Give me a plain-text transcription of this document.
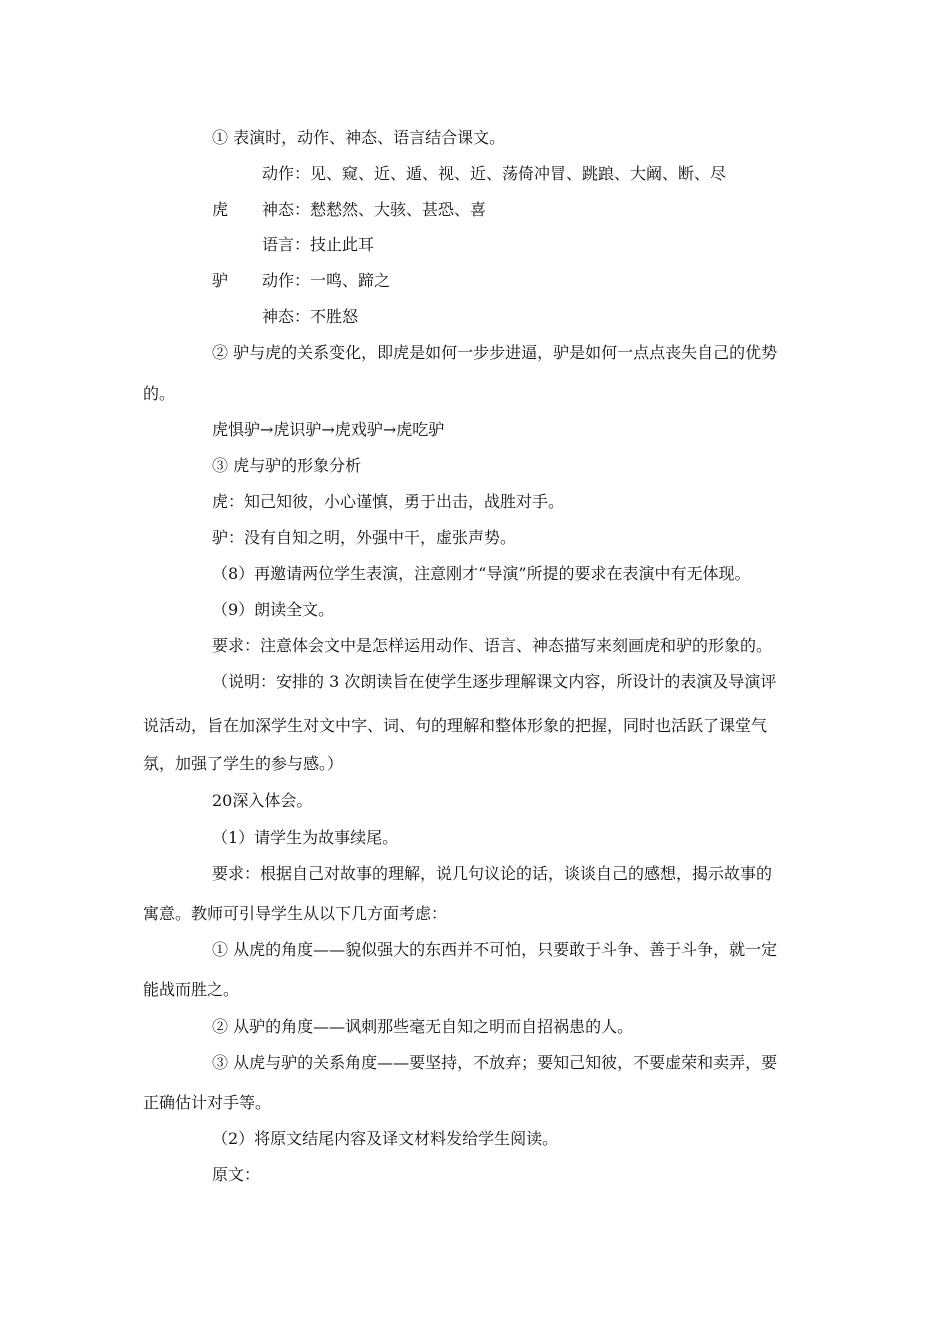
① 表演时，动作、神态、语言结合课文。
动作：见、窥、近、遁、视、近、荡倚冲冒、跳踉、大阚、断、尽
虎 神态：慭慭然、大骇、甚恐、喜
语言：技止此耳
驴 动作：一鸣、蹄之
神态：不胜怒
② 驴与虎的关系变化，即虎是如何一步步进逼，驴是如何一点点丧失自己的优势
的。
虎惧驴→虎识驴→虎戏驴→虎吃驴
③ 虎与驴的形象分析
虎：知己知彼，小心谨慎，勇于出击，战胜对手。
驴：没有自知之明，外强中干，虚张声势。
（8）再邀请两位学生表演，注意刚才“导演”所提的要求在表演中有无体现。
（9）朗读全文。
要求：注意体会文中是怎样运用动作、语言、神态描写来刻画虎和驴的形象的。
（说明：安排的 3 次朗读旨在使学生逐步理解课文内容，所设计的表演及导演评
说活动，旨在加深学生对文中字、词、句的理解和整体形象的把握，同时也活跃了课堂气
氛，加强了学生的参与感。）
20深入体会。
（1）请学生为故事续尾。
要求：根据自己对故事的理解，说几句议论的话，谈谈自己的感想，揭示故事的
寓意。教师可引导学生从以下几方面考虑：
① 从虎的角度——貌似强大的东西并不可怕，只要敢于斗争、善于斗争，就一定
能战而胜之。
② 从驴的角度——讽刺那些毫无自知之明而自招祸患的人。
③ 从虎与驴的关系角度——要坚持，不放弃；要知己知彼，不要虚荣和卖弄，要
正确估计对手等。
（2）将原文结尾内容及译文材料发给学生阅读。
原文：
